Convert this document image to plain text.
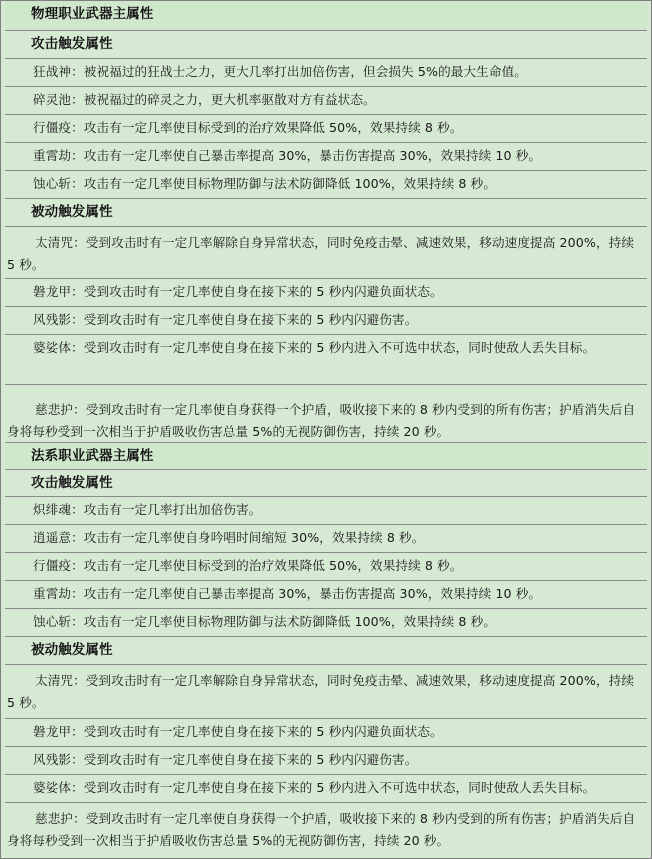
物理职业武器主属性
攻击触发属性
狂战神：被祝福过的狂战士之力，更大几率打出加倍伤害，但会损失 5%的最大生命值。
碎灵池：被祝福过的碎灵之力，更大机率驱散对方有益状态。
行僵疫：攻击有一定几率使目标受到的治疗效果降低 50%，效果持续 8 秒。
重霄劫：攻击有一定几率使自己暴击率提高 30%，暴击伤害提高 30%，效果持续 10 秒。
蚀心斩：攻击有一定几率使目标物理防御与法术防御降低 100%，效果持续 8 秒。
被动触发属性
太清咒：受到攻击时有一定几率解除自身异常状态，同时免疫击晕、减速效果，移动速度提高 200%，持续 5 秒。
磐龙甲：受到攻击时有一定几率使自身在接下来的 5 秒内闪避负面状态。
风残影：受到攻击时有一定几率使自身在接下来的 5 秒内闪避伤害。
婆娑体：受到攻击时有一定几率使自身在接下来的 5 秒内进入不可选中状态，同时使敌人丢失目标。
慈悲护：受到攻击时有一定几率使自身获得一个护盾，吸收接下来的 8 秒内受到的所有伤害；护盾消失后自身将每秒受到一次相当于护盾吸收伤害总量 5%的无视防御伤害，持续 20 秒。
法系职业武器主属性
攻击触发属性
炽绯魂：攻击有一定几率打出加倍伤害。
逍遥意：攻击有一定几率使自身吟唱时间缩短 30%，效果持续 8 秒。
行僵疫：攻击有一定几率使目标受到的治疗效果降低 50%，效果持续 8 秒。
重霄劫：攻击有一定几率使自己暴击率提高 30%，暴击伤害提高 30%，效果持续 10 秒。
蚀心斩：攻击有一定几率使目标物理防御与法术防御降低 100%，效果持续 8 秒。
被动触发属性
太清咒：受到攻击时有一定几率解除自身异常状态，同时免疫击晕、减速效果，移动速度提高 200%，持续 5 秒。
磐龙甲：受到攻击时有一定几率使自身在接下来的 5 秒内闪避负面状态。
风残影：受到攻击时有一定几率使自身在接下来的 5 秒内闪避伤害。
婆娑体：受到攻击时有一定几率使自身在接下来的 5 秒内进入不可选中状态，同时使敌人丢失目标。
慈悲护：受到攻击时有一定几率使自身获得一个护盾，吸收接下来的 8 秒内受到的所有伤害；护盾消失后自身将每秒受到一次相当于护盾吸收伤害总量 5%的无视防御伤害，持续 20 秒。
